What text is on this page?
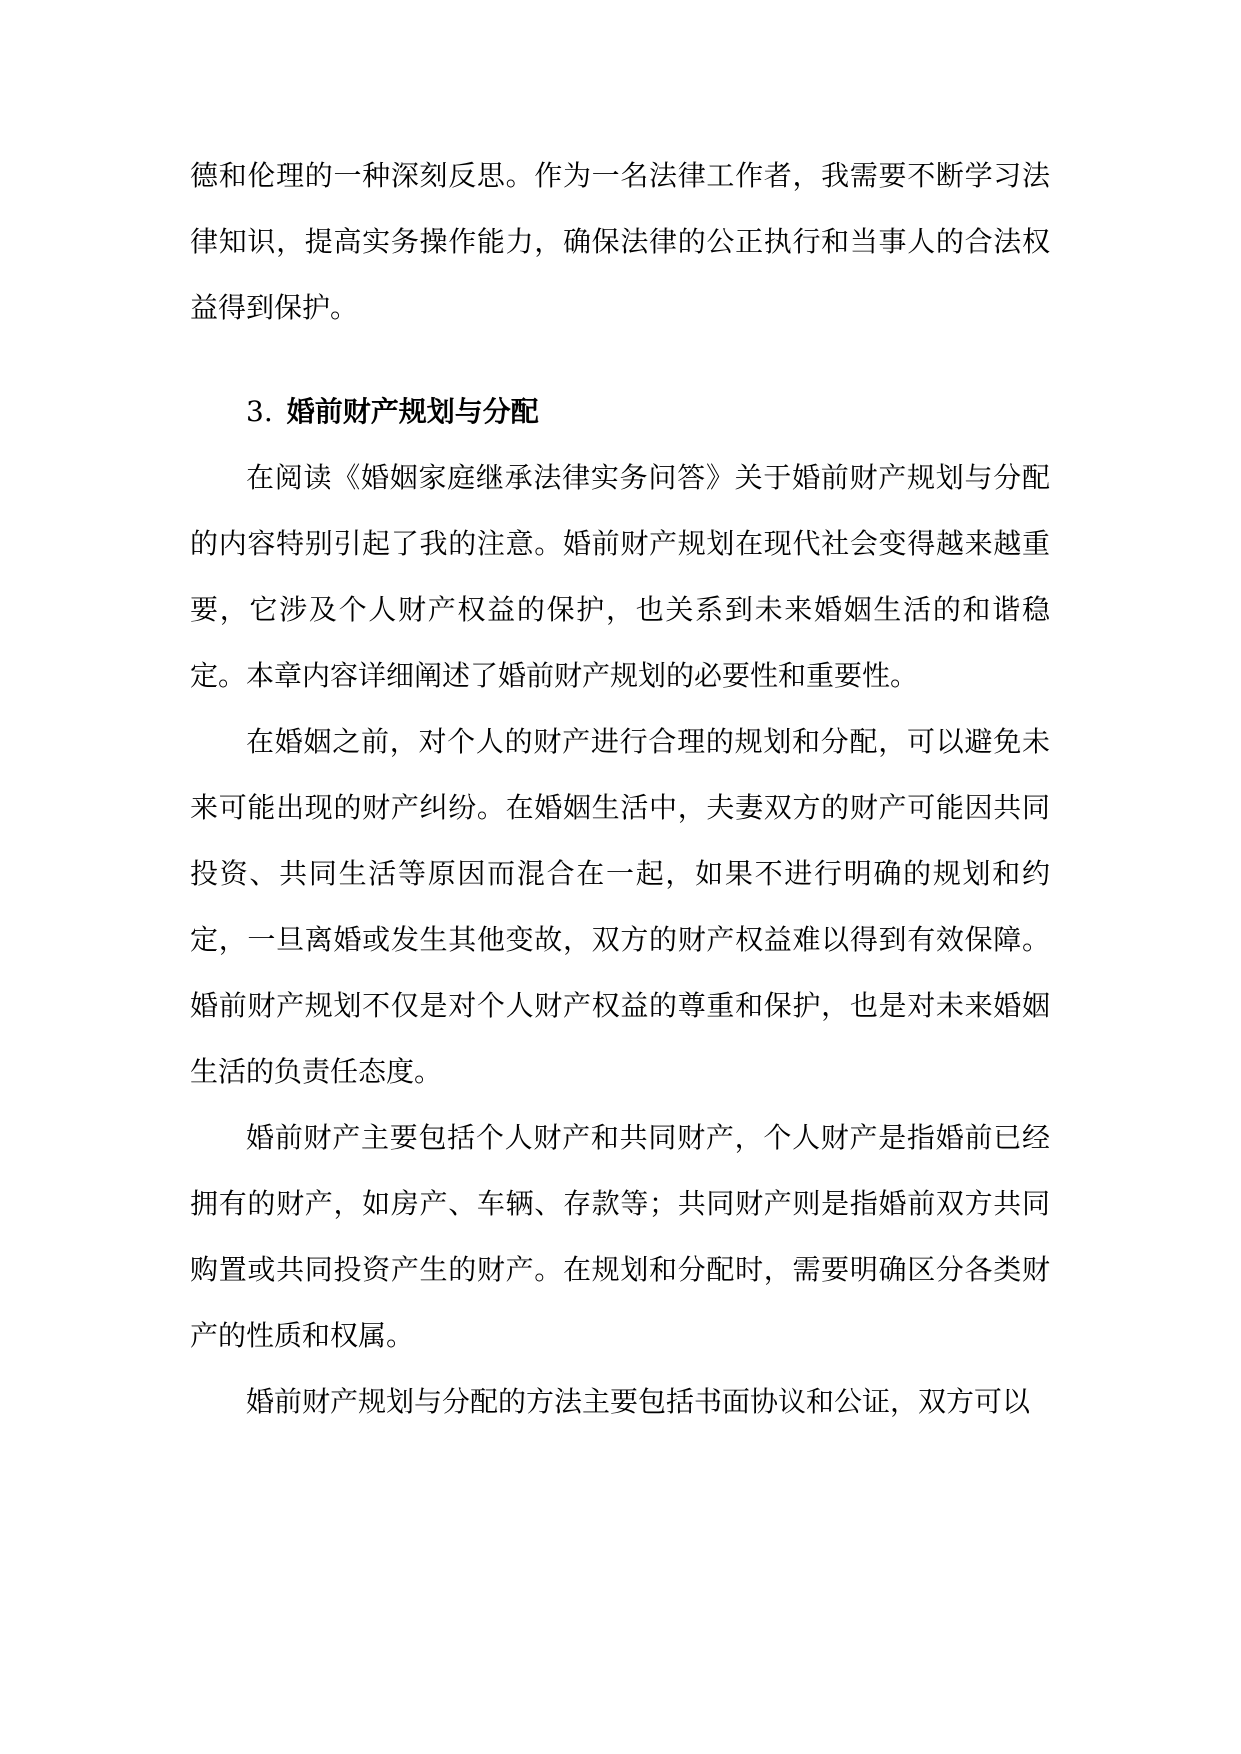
德和伦理的一种深刻反思。作为一名法律工作者，我需要不断学习法律知识，提高实务操作能力，确保法律的公正执行和当事人的合法权益得到保护。

3. 婚前财产规划与分配

在阅读《婚姻家庭继承法律实务问答》关于婚前财产规划与分配的内容特别引起了我的注意。婚前财产规划在现代社会变得越来越重要，它涉及个人财产权益的保护，也关系到未来婚姻生活的和谐稳定。本章内容详细阐述了婚前财产规划的必要性和重要性。

在婚姻之前，对个人的财产进行合理的规划和分配，可以避免未来可能出现的财产纠纷。在婚姻生活中，夫妻双方的财产可能因共同投资、共同生活等原因而混合在一起，如果不进行明确的规划和约定，一旦离婚或发生其他变故，双方的财产权益难以得到有效保障。婚前财产规划不仅是对个人财产权益的尊重和保护，也是对未来婚姻生活的负责任态度。

婚前财产主要包括个人财产和共同财产，个人财产是指婚前已经拥有的财产，如房产、车辆、存款等；共同财产则是指婚前双方共同购置或共同投资产生的财产。在规划和分配时，需要明确区分各类财产的性质和权属。

婚前财产规划与分配的方法主要包括书面协议和公证，双方可以
